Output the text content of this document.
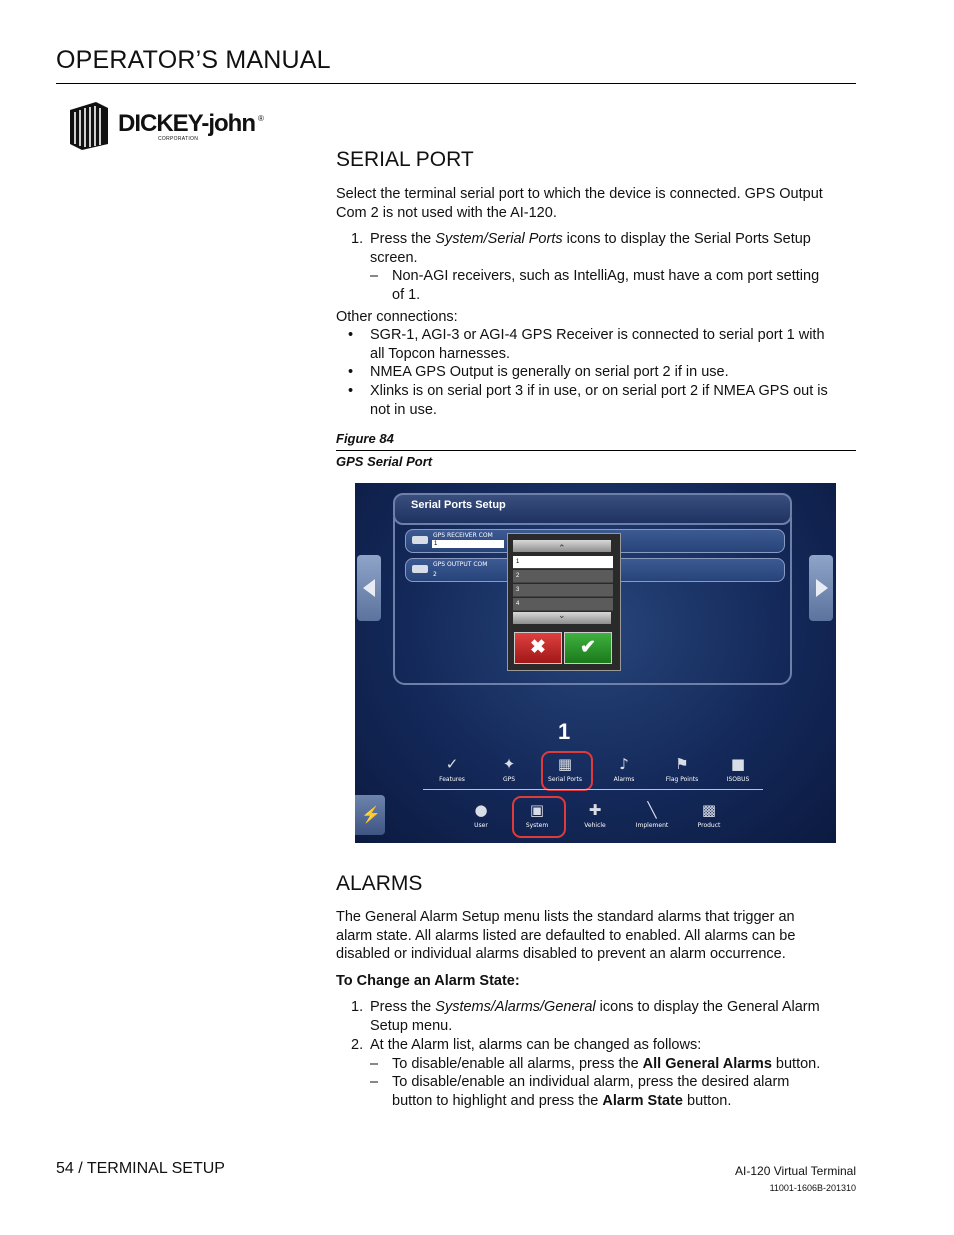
OPERATOR’S MANUAL
DICKEY-john ®
CORPORATION
SERIAL PORT
Select the terminal serial port to which the device is connected. GPS Output
Com 2 is not used with the AI-120.
1. Press the System/Serial Ports icons to display the Serial Ports Setup
screen.
– Non-AGI receivers, such as IntelliAg, must have a com port setting
of 1.
Other connections:
• SGR-1, AGI-3 or AGI-4 GPS Receiver is connected to serial port 1 with
all Topcon harnesses.
• NMEA GPS Output is generally on serial port 2 if in use.
• Xlinks is on serial port 3 if in use, or on serial port 2 if NMEA GPS out is
not in use.
Figure 84
GPS Serial Port
Serial Ports Setup
GPS RECEIVER COM
1
GPS OUTPUT COM
2
⌃
1
2
3
4
⌄
✖	✔
1
✓
Features
✦
GPS
▦
Serial Ports
♪
Alarms
⚑
Flag Points
■
ISOBUS
⚡	●
User
▣
System
✚
Vehicle
╲
Implement
▩
Product
ALARMS
The General Alarm Setup menu lists the standard alarms that trigger an
alarm state. All alarms listed are defaulted to enabled. All alarms can be
disabled or individual alarms disabled to prevent an alarm occurrence.
To Change an Alarm State:
1. Press the Systems/Alarms/General icons to display the General Alarm
Setup menu.
2. At the Alarm list, alarms can be changed as follows:
– To disable/enable all alarms, press the All General Alarms button.
– To disable/enable an individual alarm, press the desired alarm
button to highlight and press the Alarm State button.
54 / TERMINAL SETUP	AI-120 Virtual Terminal
11001-1606B-201310
